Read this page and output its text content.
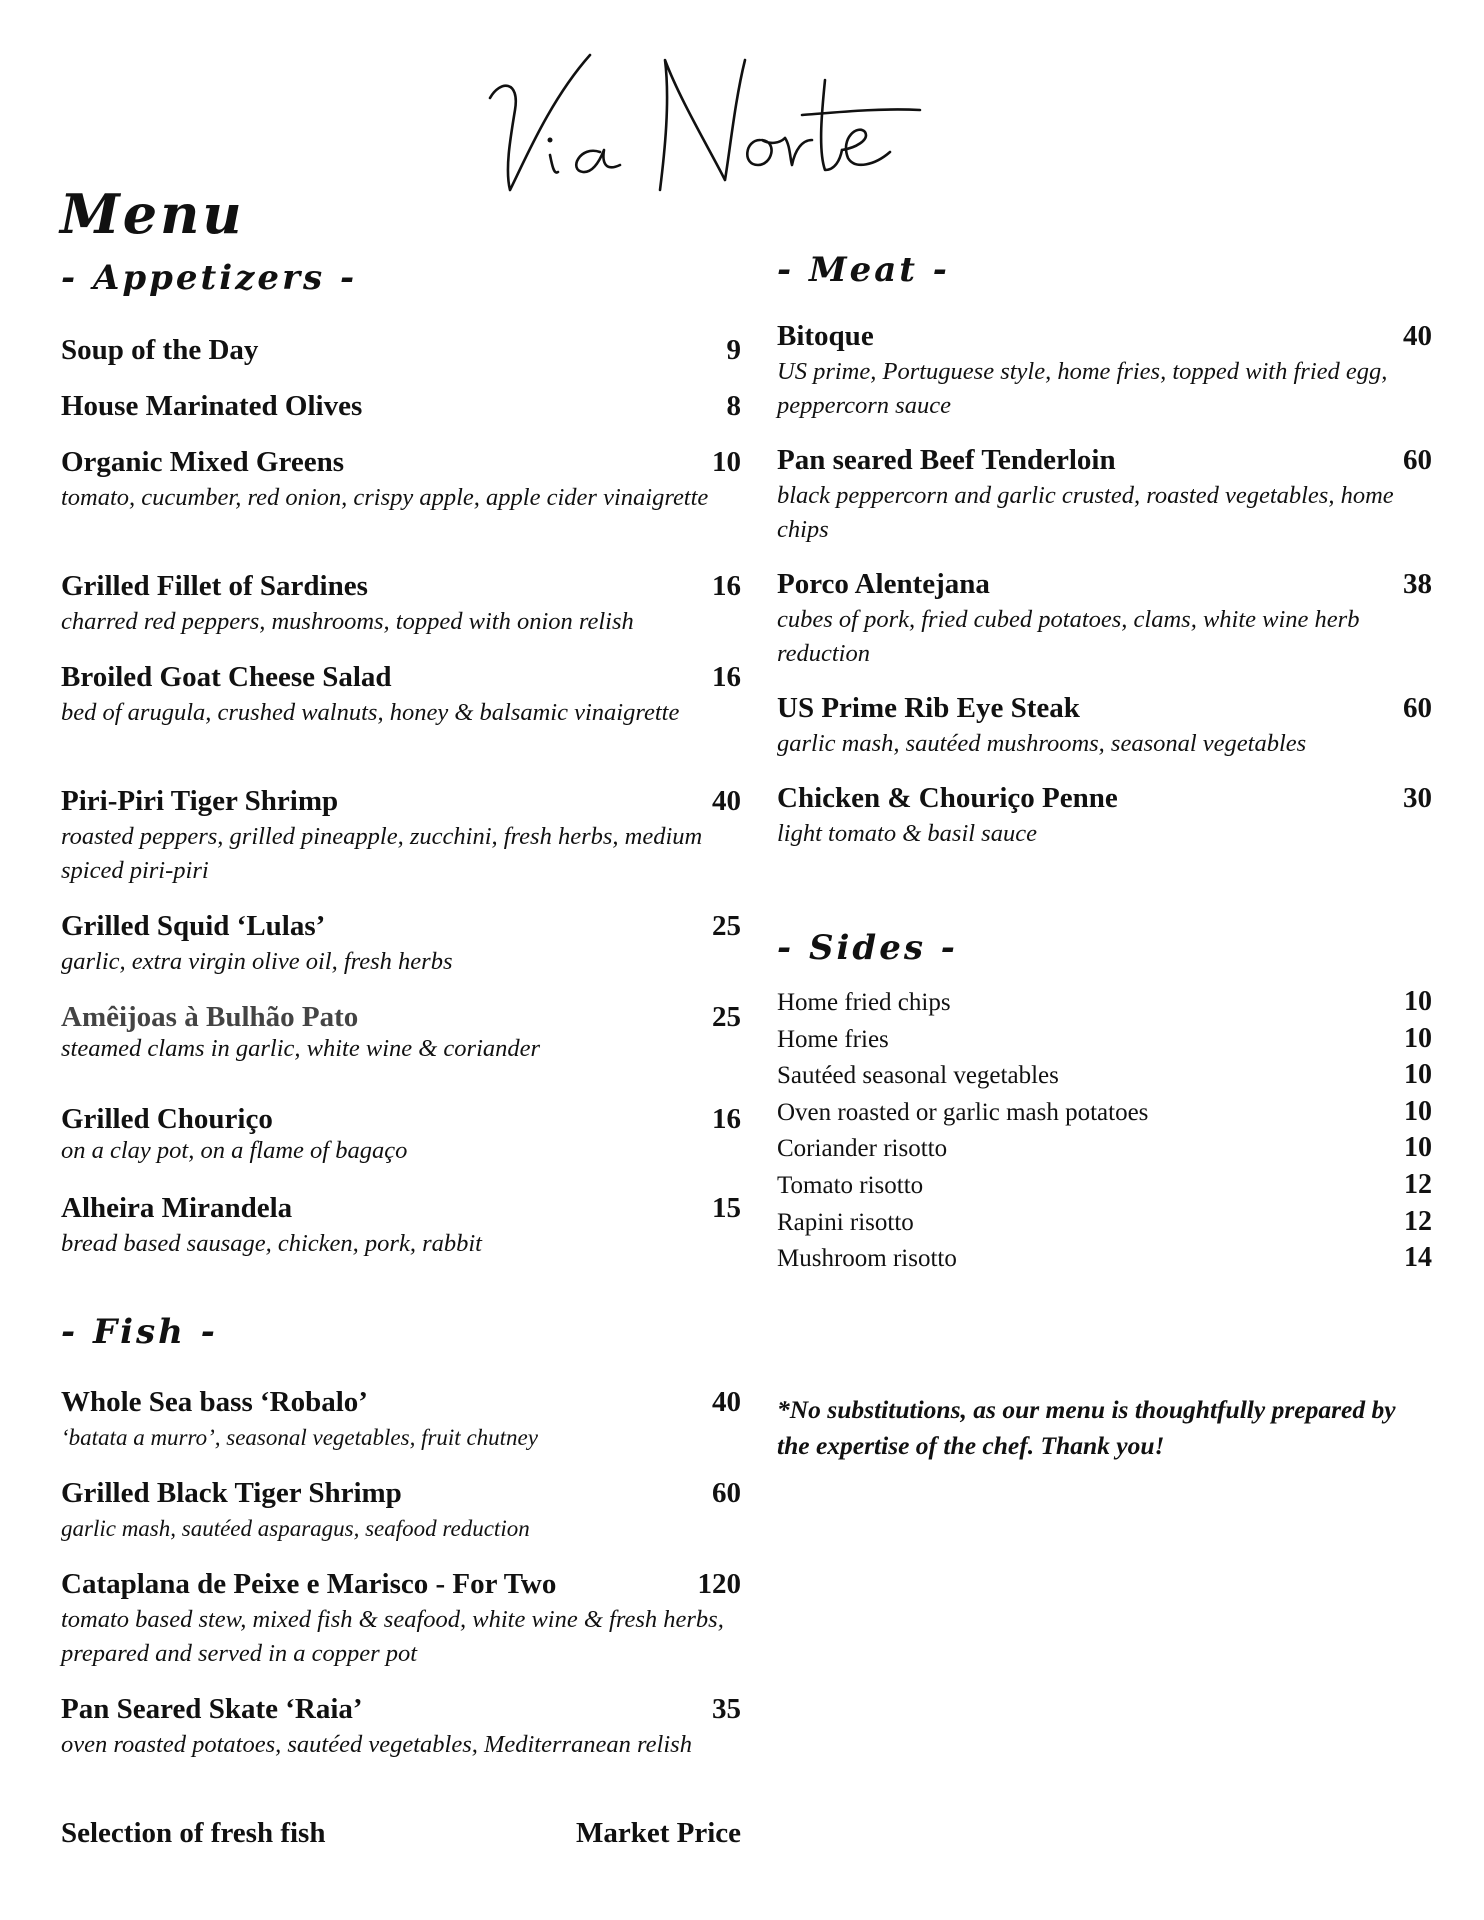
Menu
- Appetizers -
Soup of the Day	9
House Marinated Olives	8
Organic Mixed Greens	10
tomato, cucumber, red onion, crispy apple, apple cider vinaigrette
Grilled Fillet of Sardines	16
charred red peppers, mushrooms, topped with onion relish
Broiled Goat Cheese Salad	16
bed of arugula, crushed walnuts, honey & balsamic vinaigrette
Piri-Piri Tiger Shrimp	40
roasted peppers, grilled pineapple, zucchini, fresh herbs, medium spiced piri-piri
Grilled Squid ‘Lulas’	25
garlic, extra virgin olive oil, fresh herbs
Amêijoas à Bulhão Pato	25
steamed clams in garlic, white wine & coriander
Grilled Chouriço	16
on a clay pot, on a flame of bagaço
Alheira Mirandela	15
bread based sausage, chicken, pork, rabbit
- Fish -
Whole Sea bass ‘Robalo’	40
‘batata a murro’, seasonal vegetables, fruit chutney
Grilled Black Tiger Shrimp	60
garlic mash, sautéed asparagus, seafood reduction
Cataplana de Peixe e Marisco - For Two	120
tomato based stew, mixed fish & seafood, white wine & fresh herbs, prepared and served in a copper pot
Pan Seared Skate ‘Raia’	35
oven roasted potatoes, sautéed vegetables, Mediterranean relish
Selection of fresh fish	Market Price
- Meat -
Bitoque	40
US prime, Portuguese style, home fries, topped with fried egg, peppercorn sauce
Pan seared Beef Tenderloin	60
black peppercorn and garlic crusted, roasted vegetables, home chips
Porco Alentejana	38
cubes of pork, fried cubed potatoes, clams, white wine herb reduction
US Prime Rib Eye Steak	60
garlic mash, sautéed mushrooms, seasonal vegetables
Chicken & Chouriço Penne	30
light tomato & basil sauce
- Sides -
Home fried chips	10
Home fries	10
Sautéed seasonal vegetables	10
Oven roasted or garlic mash potatoes	10
Coriander risotto	10
Tomato risotto	12
Rapini risotto	12
Mushroom risotto	14
*No substitutions, as our menu is thoughtfully prepared by the expertise of the chef. Thank you!
